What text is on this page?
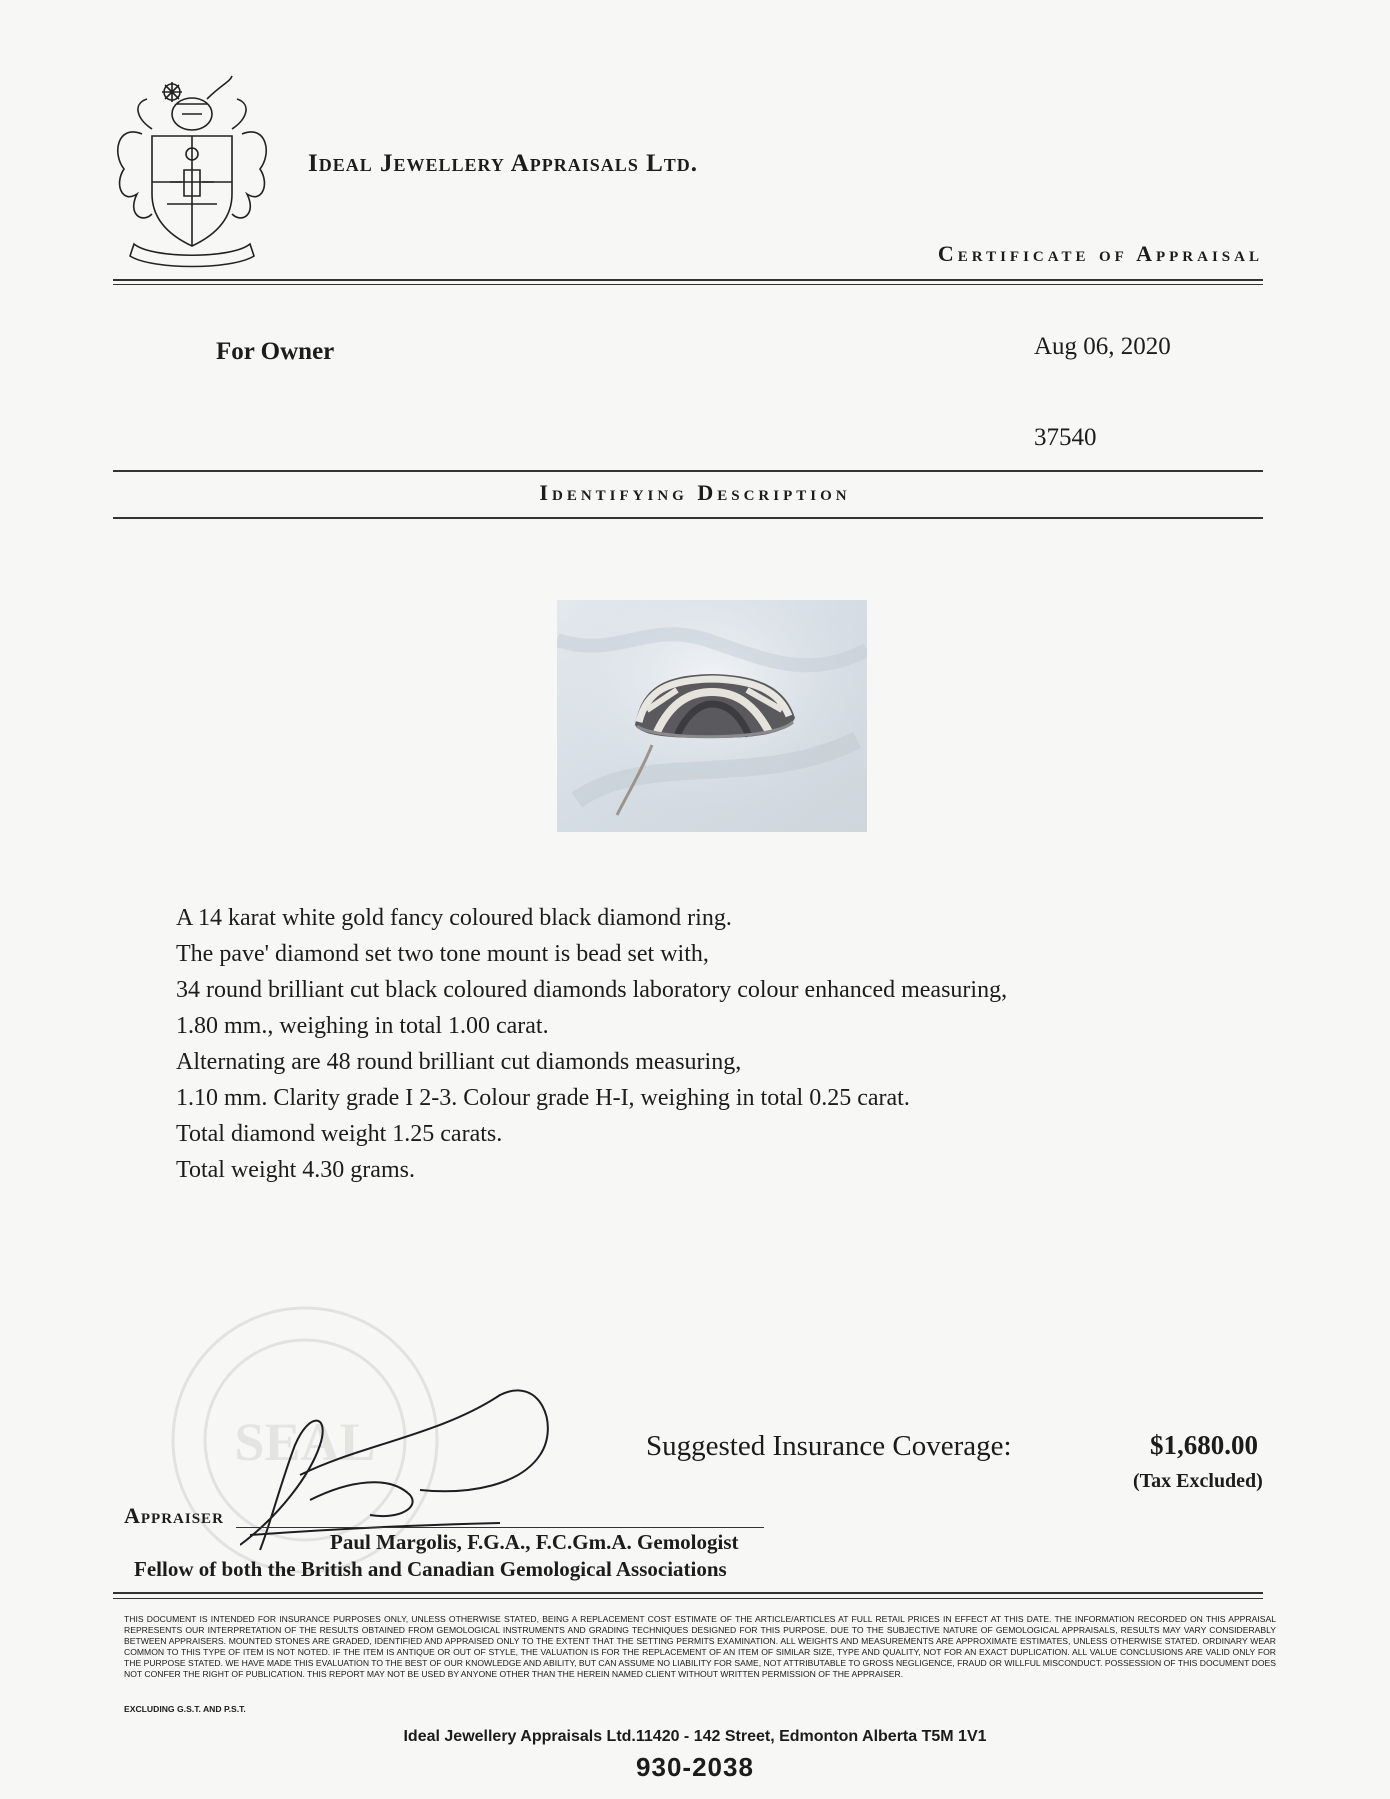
Ideal Jewellery Appraisals Ltd.
Certificate of Appraisal
For Owner	Aug 06, 2020
37540
Identifying Description
A 14 karat white gold fancy coloured black diamond ring.
The pave' diamond set two tone mount is bead set with,
34 round brilliant cut black coloured diamonds laboratory colour enhanced measuring,
1.80 mm., weighing in total 1.00 carat.
Alternating are 48 round brilliant cut diamonds measuring,
1.10 mm. Clarity grade I 2-3. Colour grade H-I, weighing in total 0.25 carat.
Total diamond weight 1.25 carats.
Total weight 4.30 grams.
SEAL	Suggested Insurance Coverage:	$1,680.00
(Tax Excluded)
Appraiser
Paul Margolis, F.G.A., F.C.Gm.A. Gemologist
Fellow of both the British and Canadian Gemological Associations
THIS DOCUMENT IS INTENDED FOR INSURANCE PURPOSES ONLY, UNLESS OTHERWISE STATED, BEING A REPLACEMENT COST ESTIMATE OF THE ARTICLE/ARTICLES AT FULL RETAIL PRICES IN EFFECT AT THIS DATE. THE INFORMATION RECORDED ON THIS APPRAISAL REPRESENTS OUR INTERPRETATION OF THE RESULTS OBTAINED FROM GEMOLOGICAL INSTRUMENTS AND GRADING TECHNIQUES DESIGNED FOR THIS PURPOSE. DUE TO THE SUBJECTIVE NATURE OF GEMOLOGICAL APPRAISALS, RESULTS MAY VARY CONSIDERABLY BETWEEN APPRAISERS. MOUNTED STONES ARE GRADED, IDENTIFIED AND APPRAISED ONLY TO THE EXTENT THAT THE SETTING PERMITS EXAMINATION. ALL WEIGHTS AND MEASUREMENTS ARE APPROXIMATE ESTIMATES, UNLESS OTHERWISE STATED. ORDINARY WEAR COMMON TO THIS TYPE OF ITEM IS NOT NOTED. IF THE ITEM IS ANTIQUE OR OUT OF STYLE, THE VALUATION IS FOR THE REPLACEMENT OF AN ITEM OF SIMILAR SIZE, TYPE AND QUALITY, NOT FOR AN EXACT DUPLICATION. ALL VALUE CONCLUSIONS ARE VALID ONLY FOR THE PURPOSE STATED. WE HAVE MADE THIS EVALUATION TO THE BEST OF OUR KNOWLEDGE AND ABILITY, BUT CAN ASSUME NO LIABILITY FOR SAME, NOT ATTRIBUTABLE TO GROSS NEGLIGENCE, FRAUD OR WILLFUL MISCONDUCT. POSSESSION OF THIS DOCUMENT DOES NOT CONFER THE RIGHT OF PUBLICATION. THIS REPORT MAY NOT BE USED BY ANYONE OTHER THAN THE HEREIN NAMED CLIENT WITHOUT WRITTEN PERMISSION OF THE APPRAISER.
EXCLUDING G.S.T. AND P.S.T.
Ideal Jewellery Appraisals Ltd.11420 - 142 Street, Edmonton Alberta T5M 1V1
930-2038
